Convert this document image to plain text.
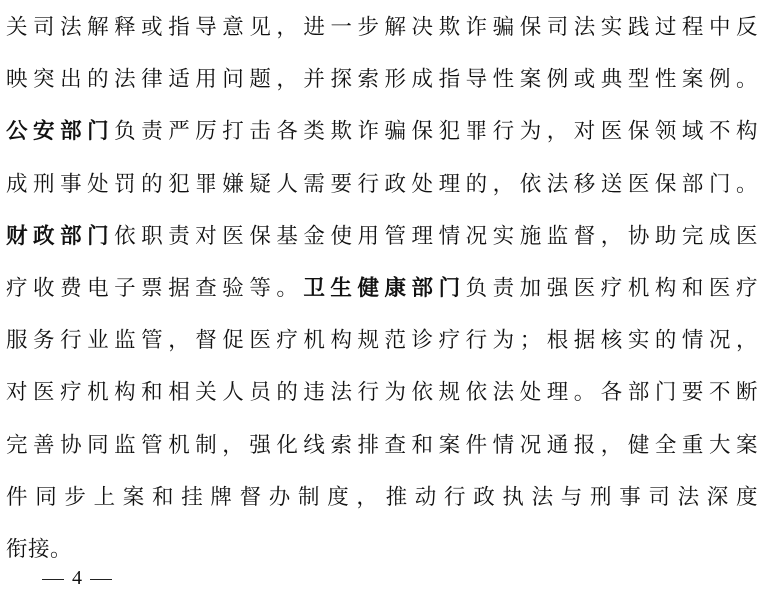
关司法解释或指导意见，进一步解决欺诈骗保司法实践过程中反
映突出的法律适用问题，并探索形成指导性案例或典型性案例。
公安部门负责严厉打击各类欺诈骗保犯罪行为，对医保领域不构
成刑事处罚的犯罪嫌疑人需要行政处理的，依法移送医保部门。
财政部门依职责对医保基金使用管理情况实施监督，协助完成医
疗收费电子票据查验等。卫生健康部门负责加强医疗机构和医疗
服务行业监管，督促医疗机构规范诊疗行为；根据核实的情况，
对医疗机构和相关人员的违法行为依规依法处理。各部门要不断
完善协同监管机制，强化线索排查和案件情况通报，健全重大案
件同步上案和挂牌督办制度，推动行政执法与刑事司法深度
衔接。
4
